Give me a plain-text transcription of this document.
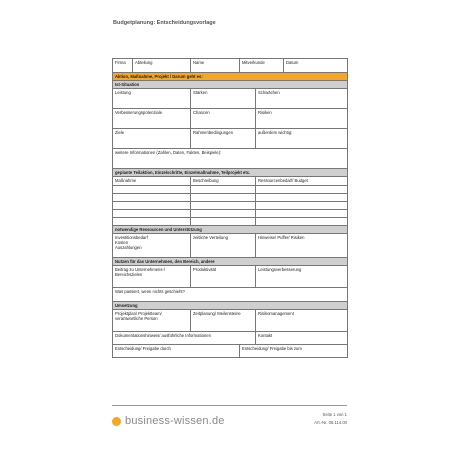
Budgetplanung: Entscheidungsvorlage
Firma	Abteilung	Name	Mitverkunde		Datum
Aktion, Maßnahme, Projekt / Darum geht es:					
Ist-Situation					
Leistung		Stärken		Schwächen	
Verbesserungspotenziale		Chancen		Risiken	
Ziele		Rahmenbedingungen		außerdem wichtig:	
weitere Informationen (Zahlen, Daten, Fakten, Beispiele):					
geplante Teilaktion, Einzelschritte, Einzelmaßnahme, Teilprojekt etc.					
Maßnahme		Beschreibung		Ressourcenbedarf/ Budget	

notwendige Ressourcen und Unterstützung					

Investitionsbedarf
Kosten
Auszahlungen		zeitliche Verteilung		Hinweise/ Puffer/ Risiken	
Nutzen für das Unternehmen, den Bereich, andere					

Beitrag zu Unternehmens-/
Bereichszielen		Produktivität		Leistungsverbesserung	
Was passiert, wenn nichts geschieht?					
Umsetzung					

Projektplan/ Projektteam/
verantwortliche Person		Zeitplanung/ Meilensteine		Risikomanagement	
Dokumentationshinweis/ ausführliche Informationen				Kontakt	
Entscheidung/ Freigabe durch			Entscheidung/ Freigabe bis zum		
business-wissen.de
Seite 1 von 1
Art.-Nr. 06.114.00
